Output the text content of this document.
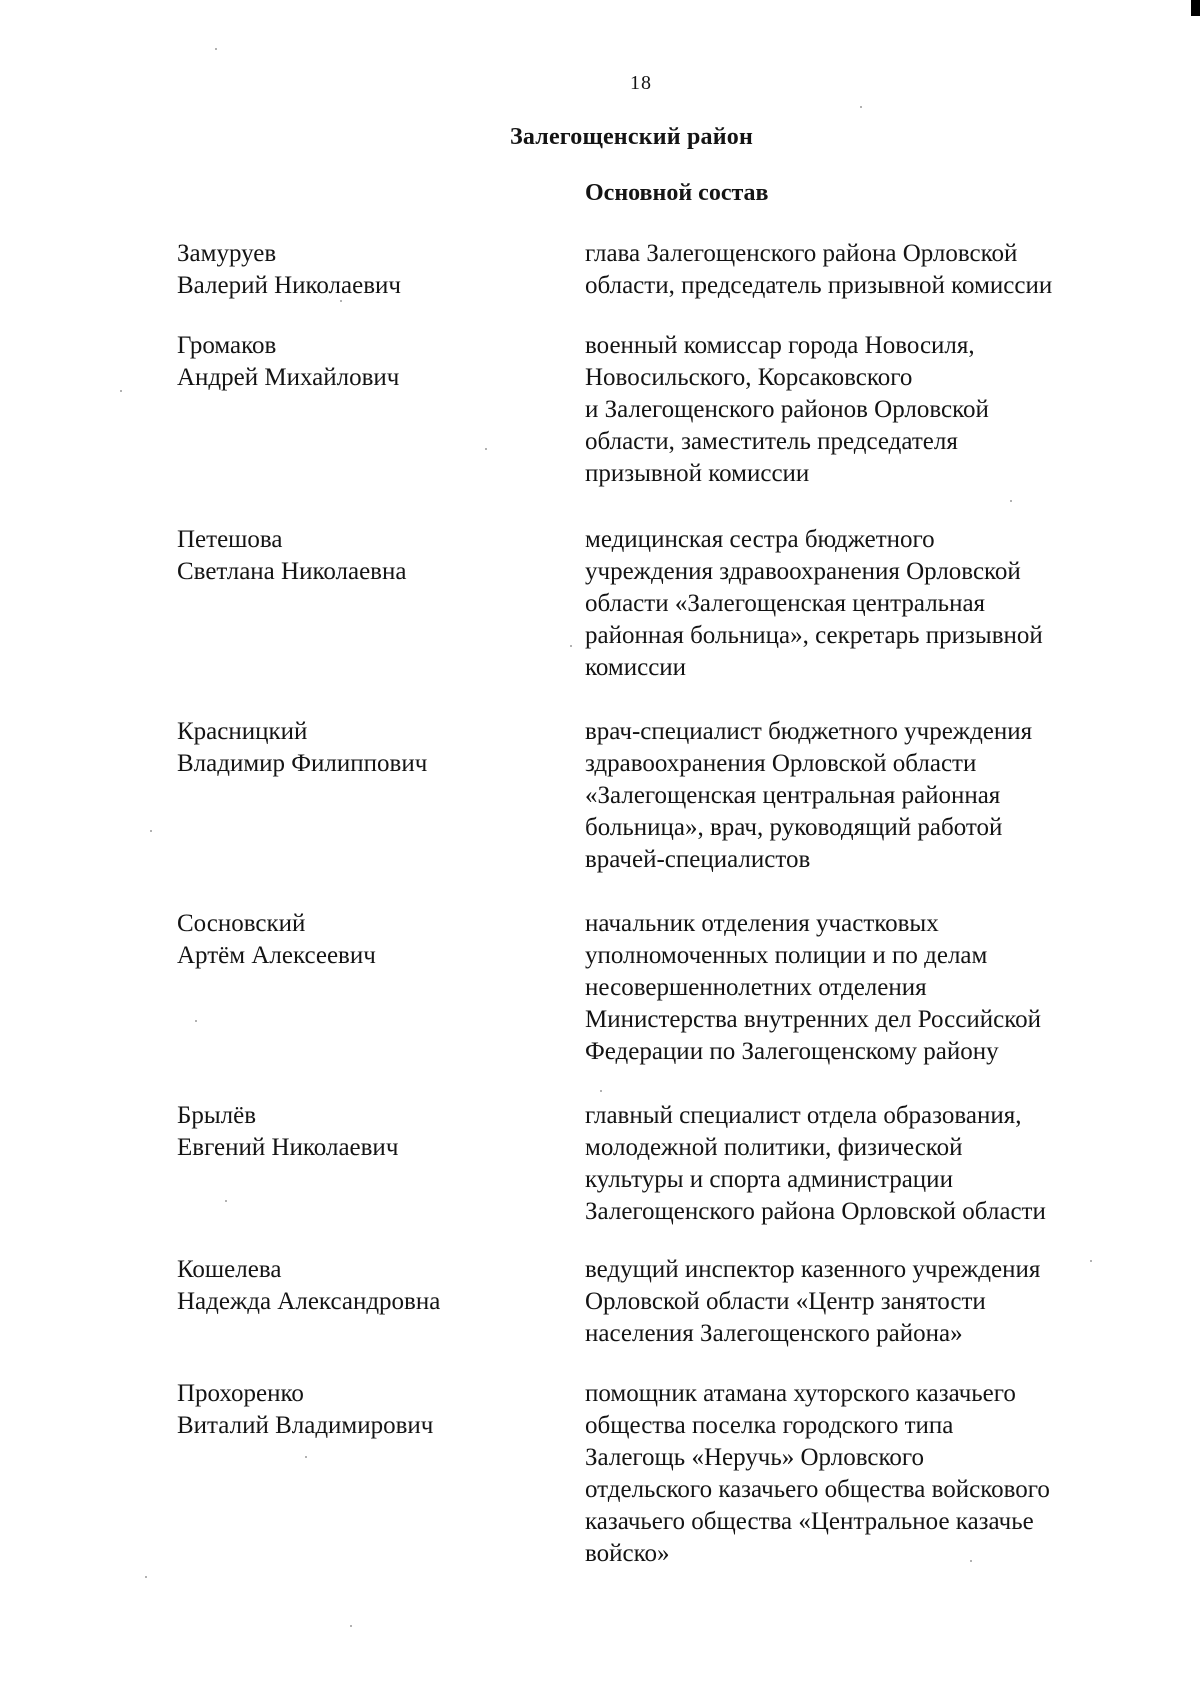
18
Залегощенский район
Основной состав
Замуруев
Валерий Николаевич
глава Залегощенского района Орловской
области, председатель призывной комиссии
Громаков
Андрей Михайлович
военный комиссар города Новосиля,
Новосильского, Корсаковского
и Залегощенского районов Орловской
области, заместитель председателя
призывной комиссии
Петешова
Светлана Николаевна
медицинская сестра бюджетного
учреждения здравоохранения Орловской
области «Залегощенская центральная
районная больница», секретарь призывной
комиссии
Красницкий
Владимир Филиппович
врач-специалист бюджетного учреждения
здравоохранения Орловской области
«Залегощенская центральная районная
больница», врач, руководящий работой
врачей-специалистов
Сосновский
Артём Алексеевич
начальник отделения участковых
уполномоченных полиции и по делам
несовершеннолетних отделения
Министерства внутренних дел Российской
Федерации по Залегощенскому району
Брылёв
Евгений Николаевич
главный специалист отдела образования,
молодежной политики, физической
культуры и спорта администрации
Залегощенского района Орловской области
Кошелева
Надежда Александровна
ведущий инспектор казенного учреждения
Орловской области «Центр занятости
населения Залегощенского района»
Прохоренко
Виталий Владимирович
помощник атамана хуторского казачьего
общества поселка городского типа
Залегощь «Неручь» Орловского
отдельского казачьего общества войскового
казачьего общества «Центральное казачье
войско»
